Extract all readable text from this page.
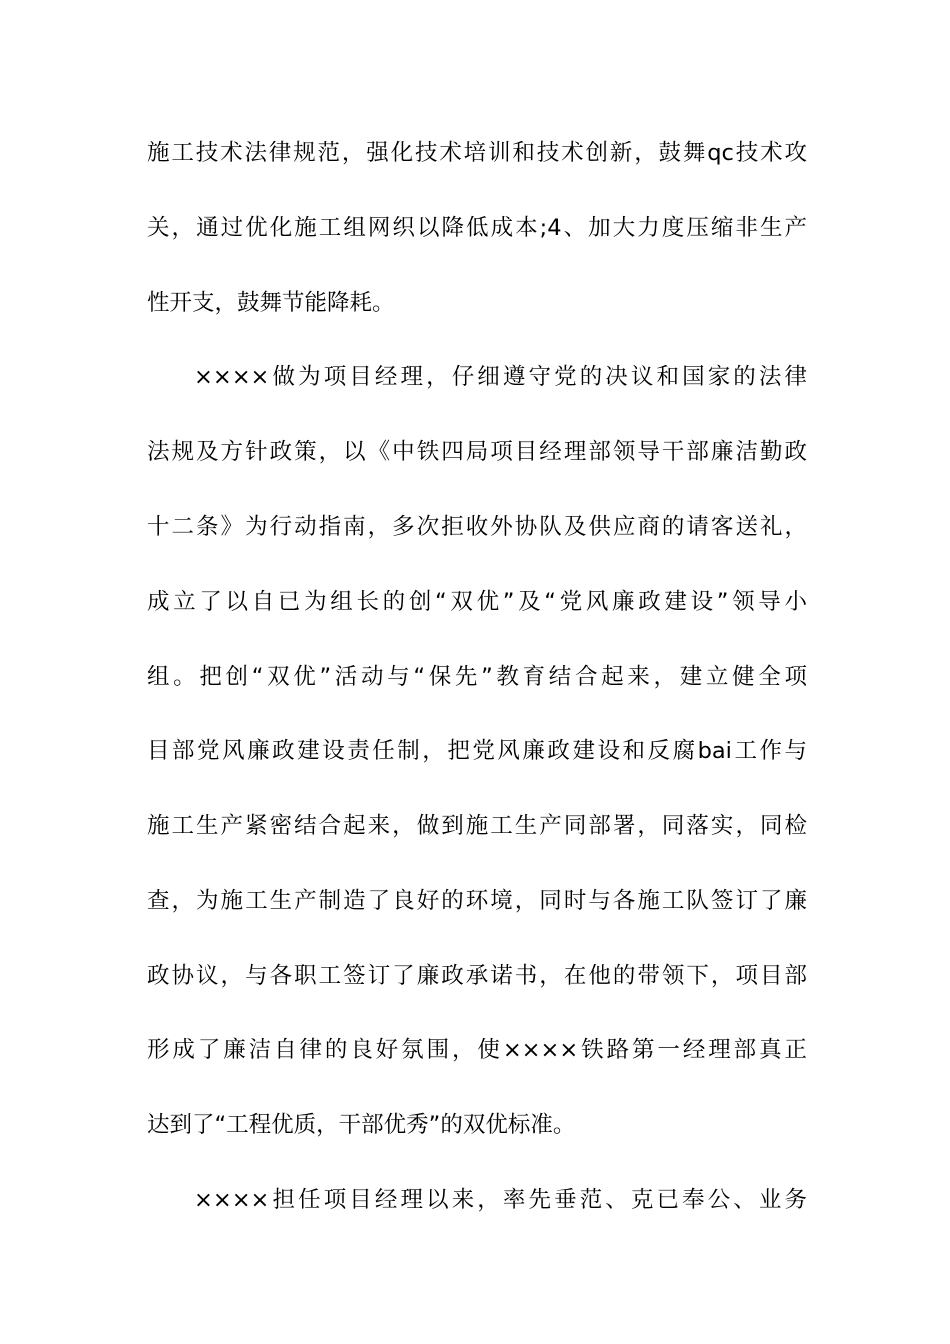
施工技术法律规范，强化技术培训和技术创新，鼓舞qc技术攻
关，通过优化施工组网织以降低成本;4、加大力度压缩非生产
性开支，鼓舞节能降耗。
××××做为项目经理，仔细遵守党的决议和国家的法律
法规及方针政策，以《中铁四局项目经理部领导干部廉洁勤政
十二条》为行动指南，多次拒收外协队及供应商的请客送礼，
成立了以自已为组长的创“双优”及“党风廉政建设”领导小
组。把创“双优”活动与“保先”教育结合起来，建立健全项
目部党风廉政建设责任制，把党风廉政建设和反腐bai工作与
施工生产紧密结合起来，做到施工生产同部署，同落实，同检
查，为施工生产制造了良好的环境，同时与各施工队签订了廉
政协议，与各职工签订了廉政承诺书，在他的带领下，项目部
形成了廉洁自律的良好氛围，使××××铁路第一经理部真正
达到了“工程优质，干部优秀”的双优标准。
××××担任项目经理以来，率先垂范、克已奉公、业务
